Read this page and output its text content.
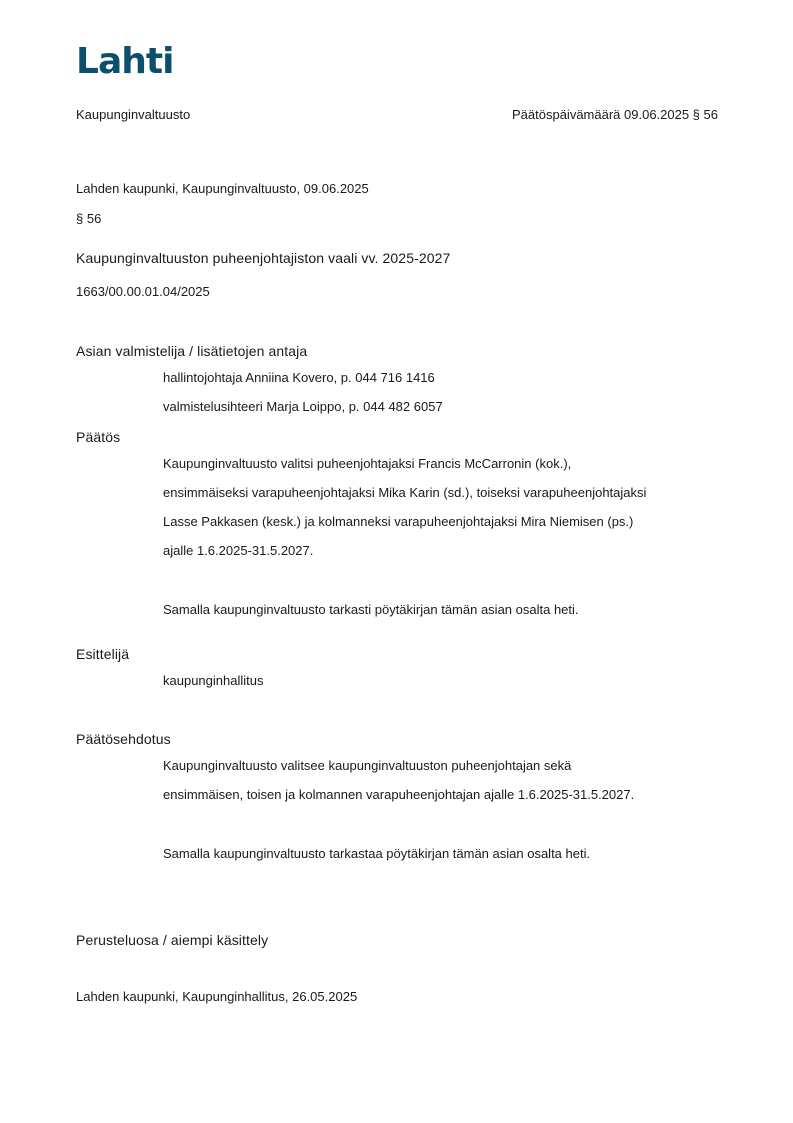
Lahti
Kaupunginvaltuusto	Päätöspäivämäärä 09.06.2025 § 56
Lahden kaupunki, Kaupunginvaltuusto, 09.06.2025
§ 56
Kaupunginvaltuuston puheenjohtajiston vaali vv. 2025-2027
1663/00.00.01.04/2025
Asian valmistelija / lisätietojen antaja
hallintojohtaja Anniina Kovero, p. 044 716 1416
valmistelusihteeri Marja Loippo, p. 044 482 6057
Päätös
Kaupunginvaltuusto valitsi puheenjohtajaksi Francis McCarronin (kok.),
ensimmäiseksi varapuheenjohtajaksi Mika Karin (sd.), toiseksi varapuheenjohtajaksi
Lasse Pakkasen (kesk.) ja kolmanneksi varapuheenjohtajaksi Mira Niemisen (ps.)
ajalle 1.6.2025-31.5.2027.
Samalla kaupunginvaltuusto tarkasti pöytäkirjan tämän asian osalta heti.
Esittelijä
kaupunginhallitus
Päätösehdotus
Kaupunginvaltuusto valitsee kaupunginvaltuuston puheenjohtajan sekä
ensimmäisen, toisen ja kolmannen varapuheenjohtajan ajalle 1.6.2025-31.5.2027.
Samalla kaupunginvaltuusto tarkastaa pöytäkirjan tämän asian osalta heti.
Perusteluosa / aiempi käsittely
Lahden kaupunki, Kaupunginhallitus, 26.05.2025
